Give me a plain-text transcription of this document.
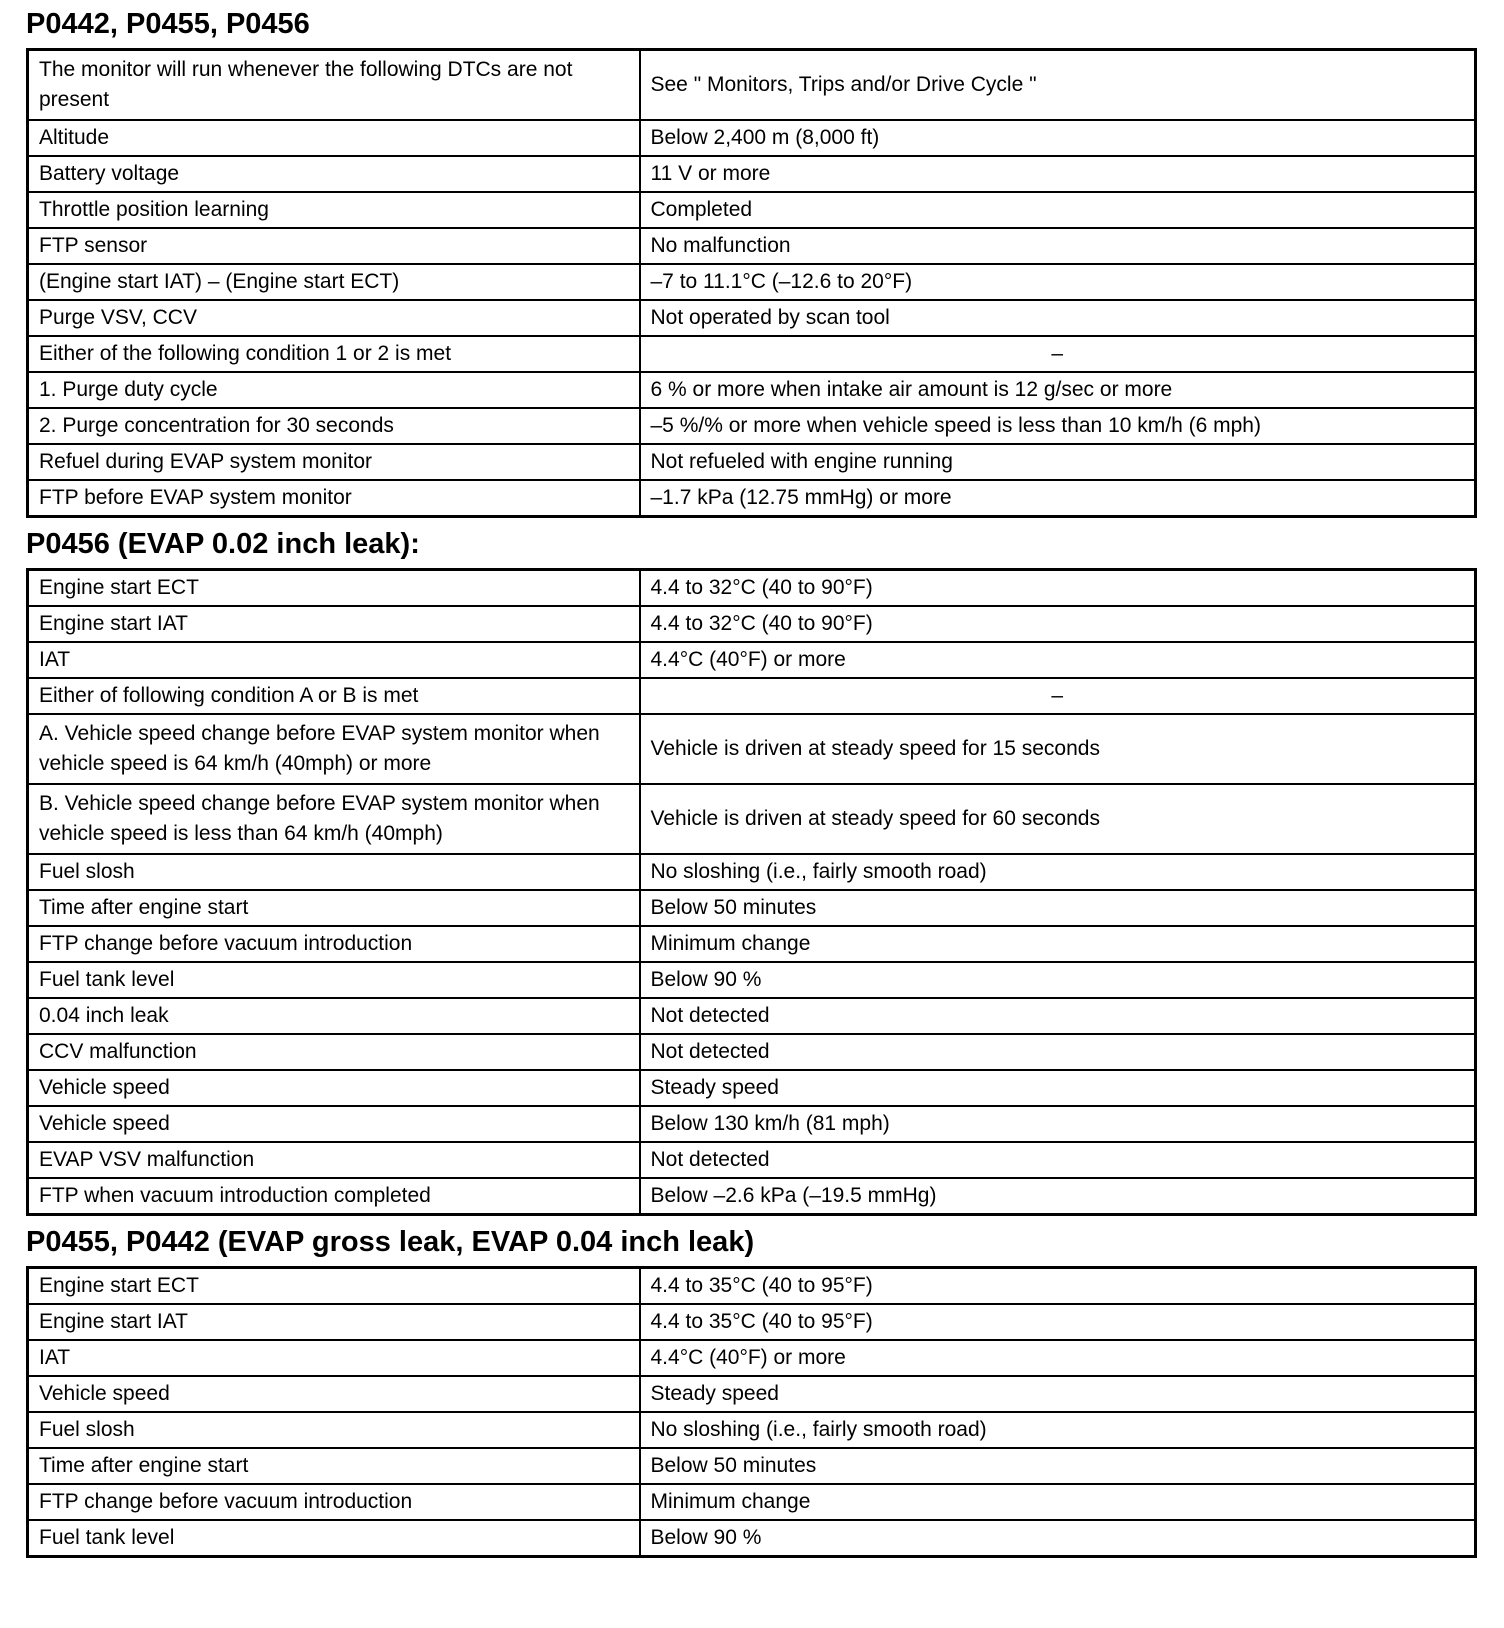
P0442, P0455, P0456
The monitor will run whenever the following DTCs are not present	See " Monitors, Trips and/or Drive Cycle "
Altitude	Below 2,400 m (8,000 ft)
Battery voltage	11 V or more
Throttle position learning	Completed
FTP sensor	No malfunction
(Engine start IAT) – (Engine start ECT)	–7 to 11.1°C (–12.6 to 20°F)
Purge VSV, CCV	Not operated by scan tool
Either of the following condition 1 or 2 is met	–
1. Purge duty cycle	6 % or more when intake air amount is 12 g/sec or more
2. Purge concentration for 30 seconds	–5 %/% or more when vehicle speed is less than 10 km/h (6 mph)
Refuel during EVAP system monitor	Not refueled with engine running
FTP before EVAP system monitor	–1.7 kPa (12.75 mmHg) or more
P0456 (EVAP 0.02 inch leak):
Engine start ECT	4.4 to 32°C (40 to 90°F)
Engine start IAT	4.4 to 32°C (40 to 90°F)
IAT	4.4°C (40°F) or more
Either of following condition A or B is met	–
A. Vehicle speed change before EVAP system monitor when vehicle speed is 64 km/h (40mph) or more	Vehicle is driven at steady speed for 15 seconds
B. Vehicle speed change before EVAP system monitor when vehicle speed is less than 64 km/h (40mph)	Vehicle is driven at steady speed for 60 seconds
Fuel slosh	No sloshing (i.e., fairly smooth road)
Time after engine start	Below 50 minutes
FTP change before vacuum introduction	Minimum change
Fuel tank level	Below 90 %
0.04 inch leak	Not detected
CCV malfunction	Not detected
Vehicle speed	Steady speed
Vehicle speed	Below 130 km/h (81 mph)
EVAP VSV malfunction	Not detected
FTP when vacuum introduction completed	Below –2.6 kPa (–19.5 mmHg)
P0455, P0442 (EVAP gross leak, EVAP 0.04 inch leak)
Engine start ECT	4.4 to 35°C (40 to 95°F)
Engine start IAT	4.4 to 35°C (40 to 95°F)
IAT	4.4°C (40°F) or more
Vehicle speed	Steady speed
Fuel slosh	No sloshing (i.e., fairly smooth road)
Time after engine start	Below 50 minutes
FTP change before vacuum introduction	Minimum change
Fuel tank level	Below 90 %
